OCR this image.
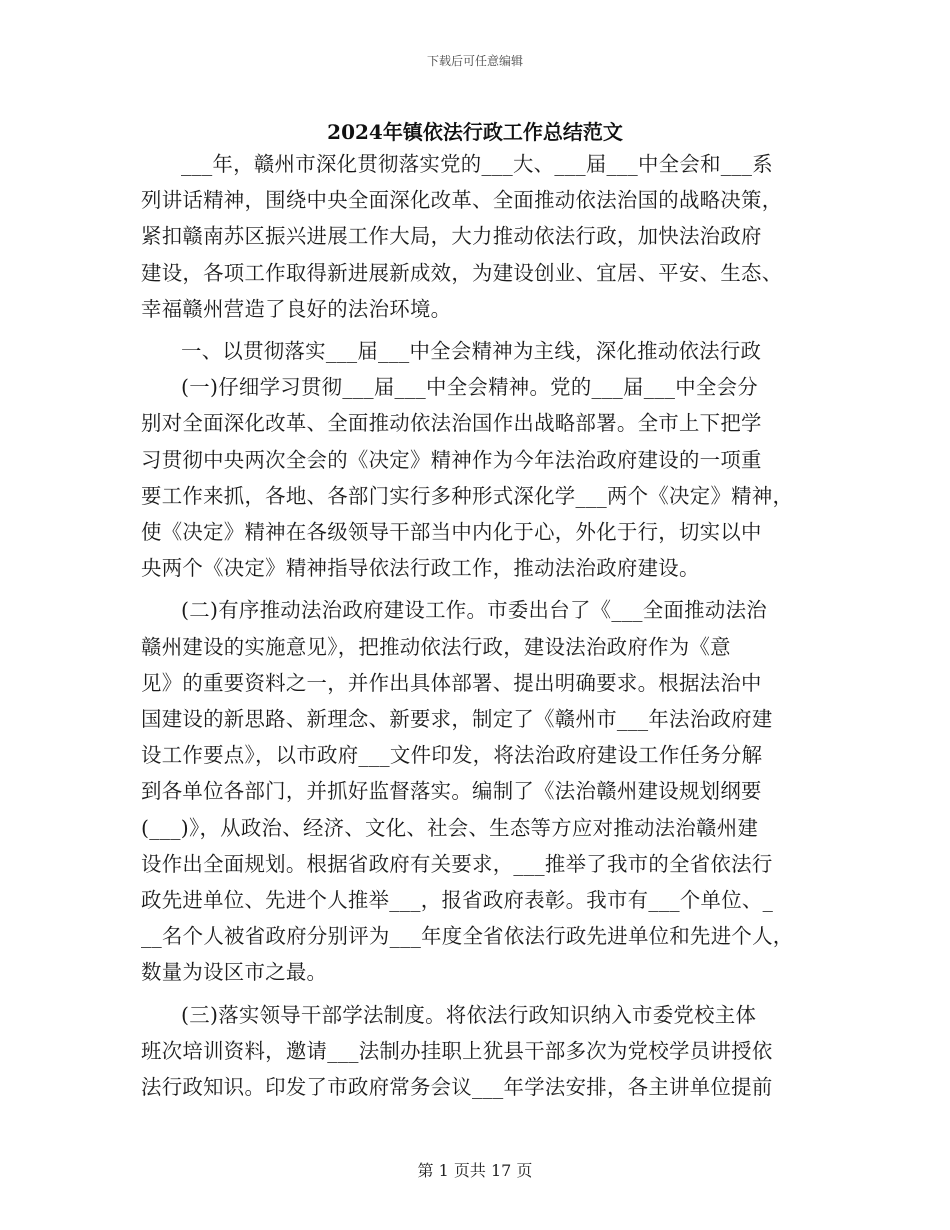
下载后可任意编辑
2024年镇依法行政工作总结范文
___年，赣州市深化贯彻落实党的___大、___届___中全会和___系
列讲话精神，围绕中央全面深化改革、全面推动依法治国的战略决策，
紧扣赣南苏区振兴进展工作大局，大力推动依法行政，加快法治政府
建设，各项工作取得新进展新成效，为建设创业、宜居、平安、生态、
幸福赣州营造了良好的法治环境。
一、以贯彻落实___届___中全会精神为主线，深化推动依法行政
(一)仔细学习贯彻___届___中全会精神。党的___届___中全会分
别对全面深化改革、全面推动依法治国作出战略部署。全市上下把学
习贯彻中央两次全会的《决定》精神作为今年法治政府建设的一项重
要工作来抓，各地、各部门实行多种形式深化学___两个《决定》精神，
使《决定》精神在各级领导干部当中内化于心，外化于行，切实以中
央两个《决定》精神指导依法行政工作，推动法治政府建设。
(二)有序推动法治政府建设工作。市委出台了《___全面推动法治
赣州建设的实施意见》，把推动依法行政，建设法治政府作为《意
见》的重要资料之一，并作出具体部署、提出明确要求。根据法治中
国建设的新思路、新理念、新要求，制定了《赣州市___年法治政府建
设工作要点》，以市政府___文件印发，将法治政府建设工作任务分解
到各单位各部门，并抓好监督落实。编制了《法治赣州建设规划纲要
(___)》，从政治、经济、文化、社会、生态等方应对推动法治赣州建
设作出全面规划。根据省政府有关要求，___推举了我市的全省依法行
政先进单位、先进个人推举___，报省政府表彰。我市有___个单位、_
__名个人被省政府分别评为___年度全省依法行政先进单位和先进个人，
数量为设区市之最。
(三)落实领导干部学法制度。将依法行政知识纳入市委党校主体
班次培训资料，邀请___法制办挂职上犹县干部多次为党校学员讲授依
法行政知识。印发了市政府常务会议___年学法安排，各主讲单位提前
第 1 页共 17 页
